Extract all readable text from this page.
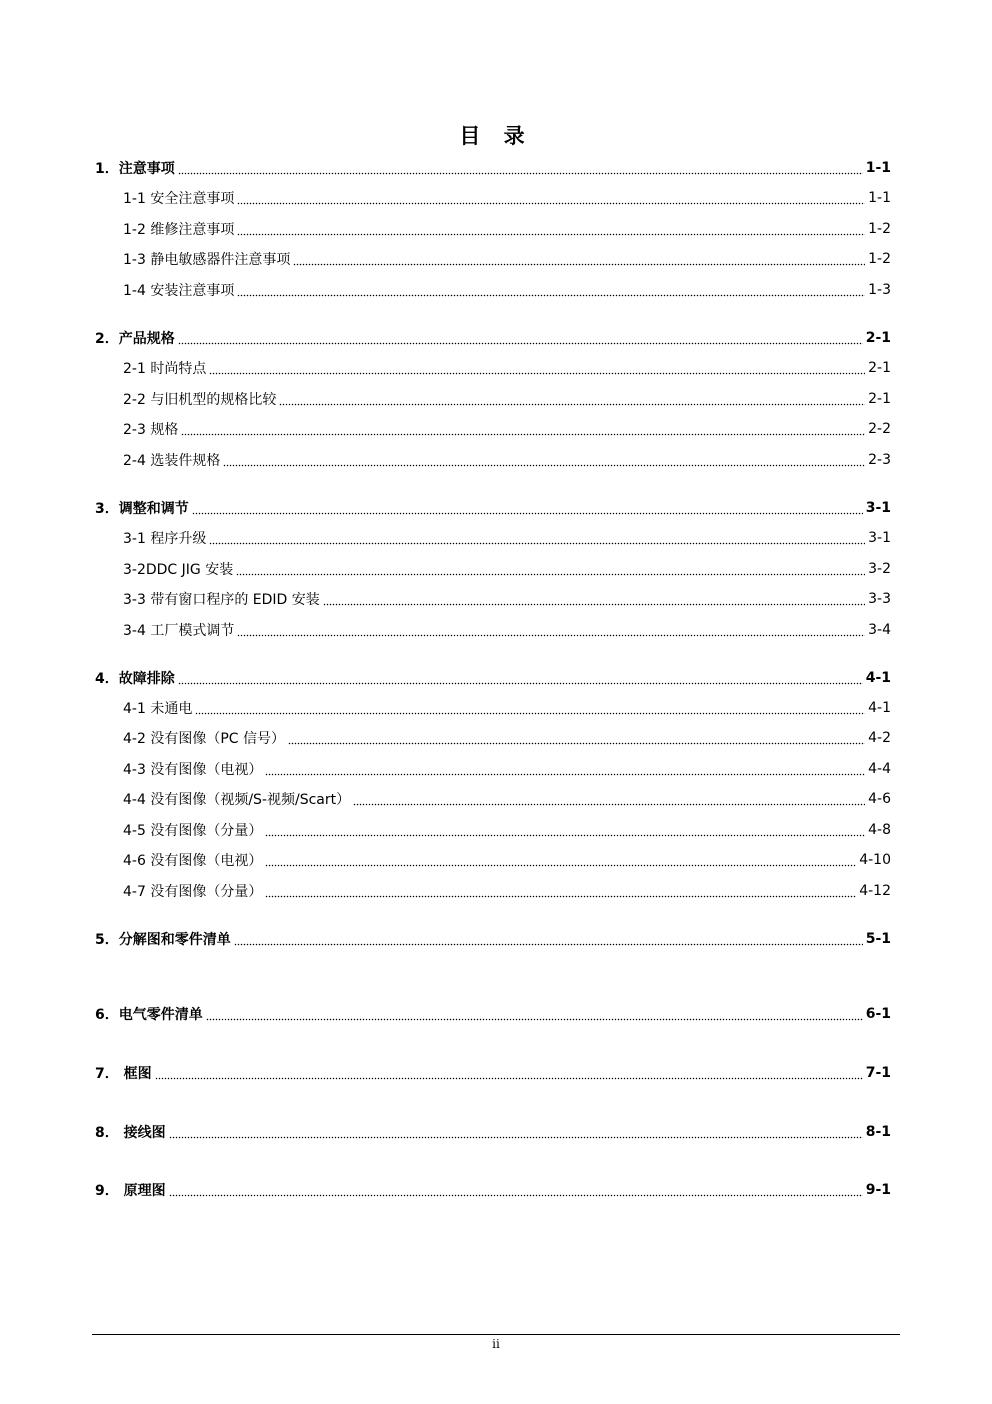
目 录
1．注意事项	1-1
1-1 安全注意事项	1-1
1-2 维修注意事项	1-2
1-3 静电敏感器件注意事项	1-2
1-4 安装注意事项	1-3
2．产品规格	2-1
2-1 时尚特点	2-1
2-2 与旧机型的规格比较	2-1
2-3 规格	2-2
2-4 选装件规格	2-3
3．调整和调节	3-1
3-1 程序升级	3-1
3-2DDC JIG 安装	3-2
3-3 带有窗口程序的 EDID 安装	3-3
3-4 工厂模式调节	3-4
4．故障排除	4-1
4-1 未通电	4-1
4-2 没有图像（PC 信号）	4-2
4-3 没有图像（电视）	4-4
4-4 没有图像（视频/S-视频/Scart）	4-6
4-5 没有图像（分量）	4-8
4-6 没有图像（电视）	4-10
4-7 没有图像（分量）	4-12
5．分解图和零件清单	5-1
6．电气零件清单	6-1
7． 框图	7-1
8． 接线图	8-1
9． 原理图	9-1
ii
